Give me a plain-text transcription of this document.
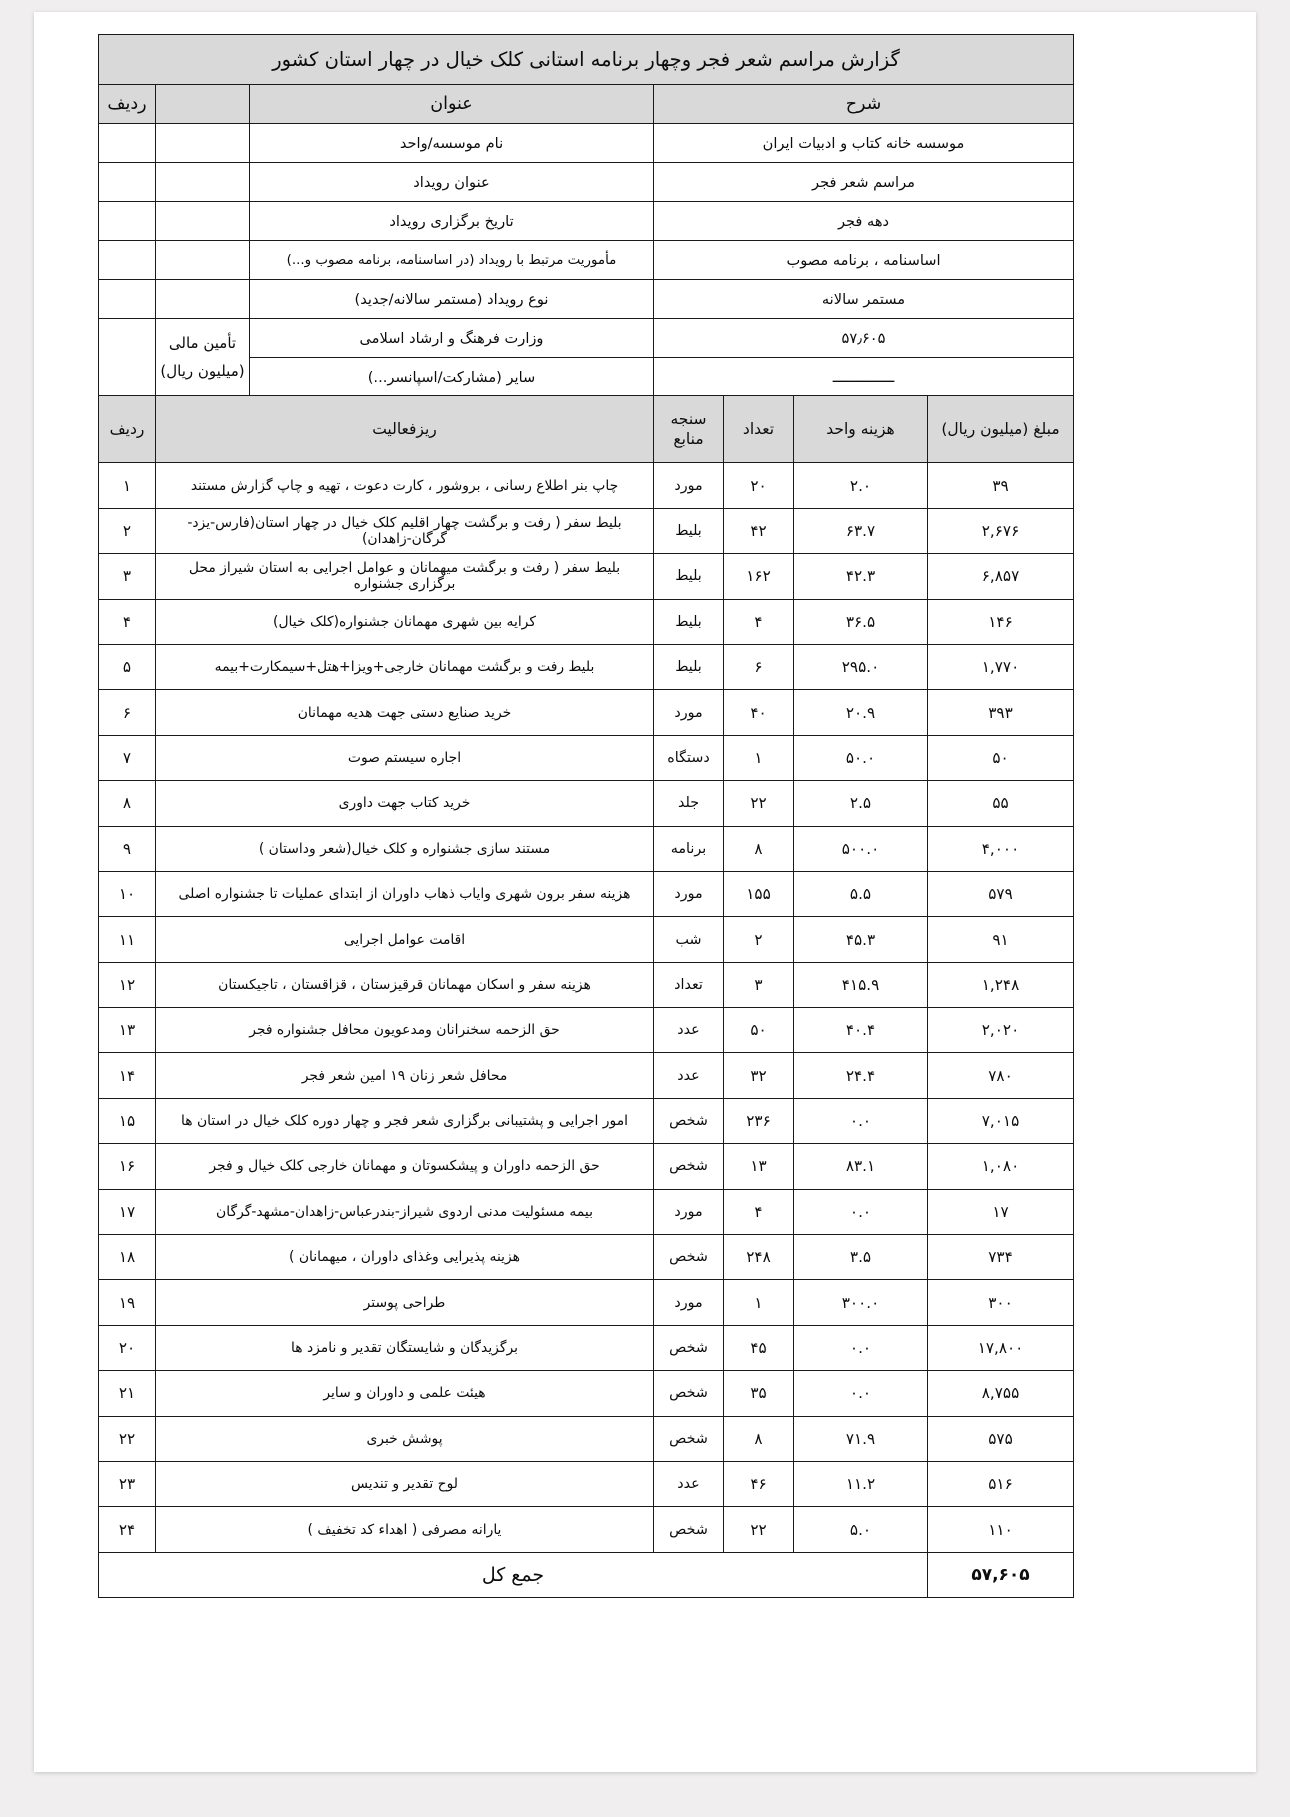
گزارش مراسم شعر فجر وچهار برنامه استانی کلک خیال در چهار استان کشور			
شرح	عنوان		ردیف
موسسه خانه کتاب و ادبیات ایران	نام موسسه/واحد		
مراسم شعر فجر	عنوان رویداد		
دهه فجر	تاریخ برگزاری رویداد		
اساسنامه ، برنامه مصوب	مأموریت مرتبط با رویداد (در اساسنامه، برنامه مصوب و...)		
مستمر سالانه	نوع رویداد (مستمر سالانه/جدید)		
۵۷٫۶۰۵	وزارت فرهنگ و ارشاد اسلامی	تأمین مالی
(میلیون ریال)	

ــــــــــــــ	سایر (مشارکت/اسپانسر...)		
مبلغ (میلیون ریال)	هزینه واحد	تعداد	سنجه
منابع	ریزفعالیت	ردیف
۳۹	۲.۰	۲۰	مورد	چاپ بنر اطلاع رسانی ، بروشور ، کارت دعوت ، تهیه و چاپ گزارش مستند	۱
۲,۶۷۶	۶۳.۷	۴۲	بلیط	بلیط سفر ( رفت و برگشت چهار اقلیم کلک خیال در چهار استان(فارس-یزد-گرگان-زاهدان)	۲
۶,۸۵۷	۴۲.۳	۱۶۲	بلیط	بلیط سفر ( رفت و برگشت میهمانان و عوامل اجرایی به استان شیراز محل برگزاری جشنواره	۳
۱۴۶	۳۶.۵	۴	بلیط	کرایه بین شهری مهمانان جشنواره(کلک خیال)	۴
۱,۷۷۰	۲۹۵.۰	۶	بلیط	بلیط رفت و برگشت مهمانان خارجی+ویزا+هتل+سیمکارت+بیمه	۵
۳۹۳	۲۰.۹	۴۰	مورد	خرید صنایع دستی جهت هدیه مهمانان	۶
۵۰	۵۰.۰	۱	دستگاه	اجاره سیستم صوت	۷
۵۵	۲.۵	۲۲	جلد	خرید کتاب جهت داوری	۸
۴,۰۰۰	۵۰۰.۰	۸	برنامه	مستند سازی جشنواره و کلک خیال(شعر وداستان )	۹
۵۷۹	۵.۵	۱۵۵	مورد	هزینه سفر برون شهری وایاب ذهاب داوران از ابتدای عملیات تا جشنواره اصلی	۱۰
۹۱	۴۵.۳	۲	شب	اقامت عوامل اجرایی	۱۱
۱,۲۴۸	۴۱۵.۹	۳	تعداد	هزینه سفر و اسکان مهمانان قرقیزستان ، قزاقستان ، تاجیکستان	۱۲
۲,۰۲۰	۴۰.۴	۵۰	عدد	حق الزحمه سخنرانان ومدعویون محافل جشنواره فجر	۱۳
۷۸۰	۲۴.۴	۳۲	عدد	محافل شعر زنان ۱۹ امین شعر فجر	۱۴
۷,۰۱۵	۰.۰	۲۳۶	شخص	امور اجرایی و پشتیبانی برگزاری شعر فجر و چهار دوره کلک خیال در استان ها	۱۵
۱,۰۸۰	۸۳.۱	۱۳	شخص	حق الزحمه داوران و پیشکسوتان و مهمانان خارجی کلک خیال و فجر	۱۶
۱۷	۰.۰	۴	مورد	بیمه مسئولیت مدنی اردوی شیراز-بندرعباس-زاهدان-مشهد-گرگان	۱۷
۷۳۴	۳.۵	۲۴۸	شخص	هزینه پذیرایی وغذای داوران ، میهمانان )	۱۸
۳۰۰	۳۰۰.۰	۱	مورد	طراحی پوستر	۱۹
۱۷,۸۰۰	۰.۰	۴۵	شخص	برگزیدگان و شایستگان تقدیر و نامزد ها	۲۰
۸,۷۵۵	۰.۰	۳۵	شخص	هیئت علمی و داوران و سایر	۲۱
۵۷۵	۷۱.۹	۸	شخص	پوشش خبری	۲۲
۵۱۶	۱۱.۲	۴۶	عدد	لوح تقدیر و تندیس	۲۳
۱۱۰	۵.۰	۲۲	شخص	یارانه مصرفی ( اهداء کد تخفیف )	۲۴
۵۷,۶۰۵	جمع کل				
